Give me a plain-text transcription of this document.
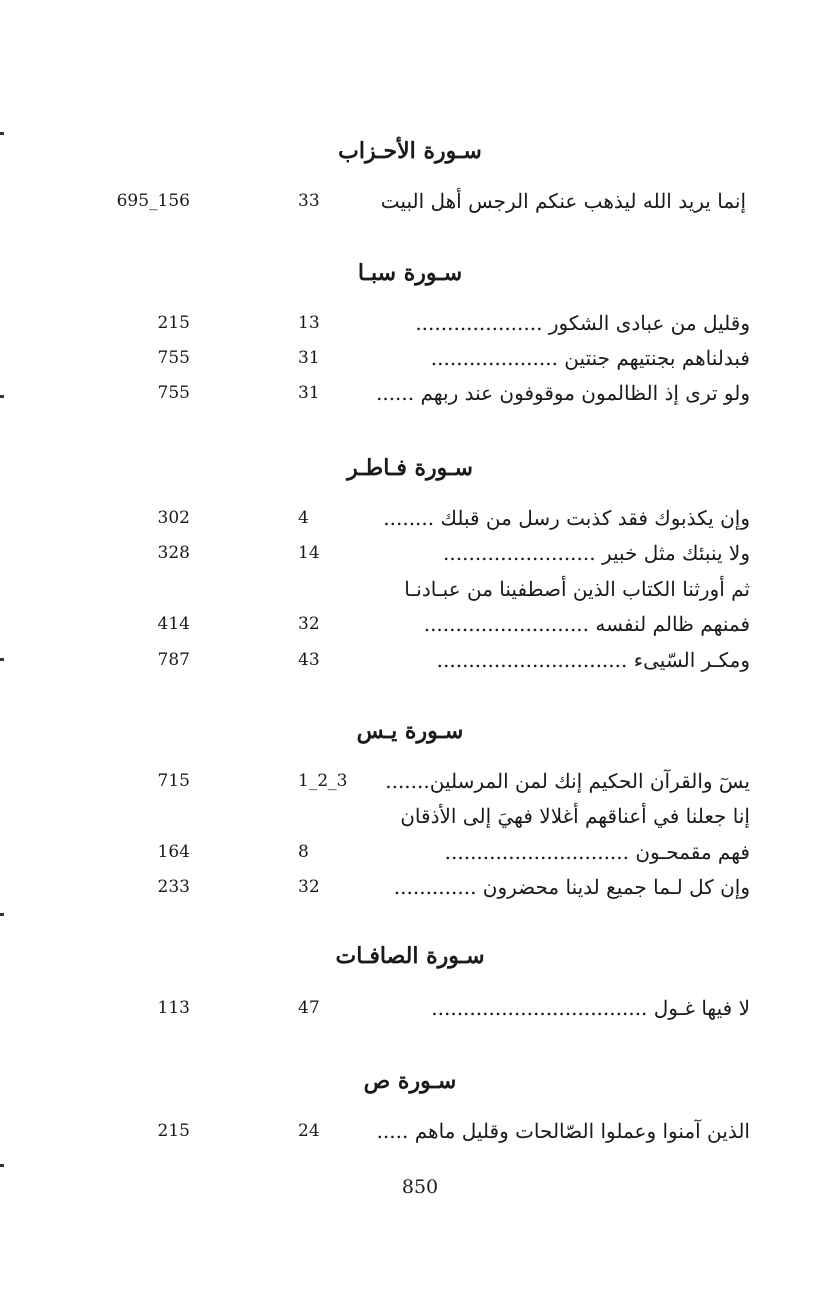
سـورة الأحـزاب
695_156	33	إنما يريد الله ليذهب عنكم الرجس أهل البيت
سـورة سبـا
215	13	وقليل من عبادى الشكور ....................
755	31	فبدلناهم بجنتيهم جنتين ....................
755	31	ولو ترى إذ الظالمون موقوفون عند ربهم ......
سـورة فـاطـر
302	4	وإن يكذبوك فقد كذبت رسل من قبلك ........
328	14	ولا ينبئك مثل خبير ........................
ثم أورثنا الكتاب الذين أصطفينا من عبـادنـا
414	32	فمنهم ظالم لنفسه ..........................
787	43	ومكـر السّيىء ..............................
سـورة يـس
715	1_2_3 يسٓ والقرآن الحكيم إنك لمن المرسلين.......
إنا جعلنا في أعناقهم أغلالا فهيَ إلى الأذقان
164	8	فهم مقمحـون .............................
233	32	وإن كل لـما جميع لدينا محضرون .............
سـورة الصافـات
113	47	لا فيها غـول ..................................
سـورة ص
215	24	الذين آمنوا وعملوا الصّالحات وقليل ماهم .....
850
